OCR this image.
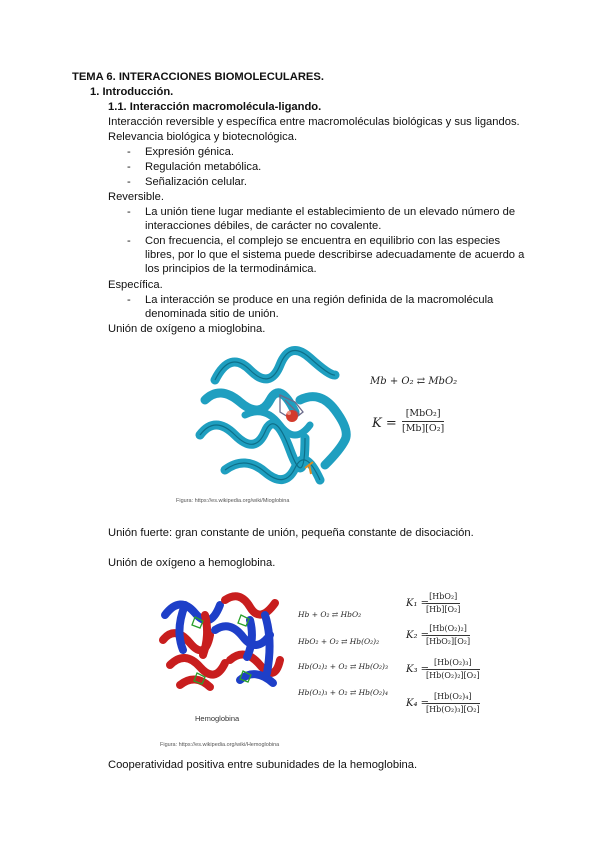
TEMA 6. INTERACCIONES BIOMOLECULARES.
1. Introducción.
1.1. Interacción macromolécula-ligando.
Interacción reversible y específica entre macromoléculas biológicas y sus ligandos.
Relevancia biológica y biotecnológica.
- Expresión génica.
- Regulación metabólica.
- Señalización celular.
Reversible.
- La unión tiene lugar mediante el establecimiento de un elevado número de
interacciones débiles, de carácter no covalente.
- Con frecuencia, el complejo se encuentra en equilibrio con las especies
libres, por lo que el sistema puede describirse adecuadamente de acuerdo a
los principios de la termodinámica.
Específica.
- La interacción se produce en una región definida de la macromolécula
denominada sitio de unión.
Unión de oxígeno a mioglobina.
Mb + O₂ ⇄ MbO₂
K =
[MbO₂]
[Mb][O₂]
Figura: https://es.wikipedia.org/wiki/Mioglobina
Unión fuerte: gran constante de unión, pequeña constante de disociación.
Unión de oxígeno a hemoglobina.
Hemoglobina
Hb + O₂ ⇄ HbO₂
HbO₂ + O₂ ⇄ Hb(O₂)₂
Hb(O₂)₂ + O₂ ⇄ Hb(O₂)₃
Hb(O₂)₃ + O₂ ⇄ Hb(O₂)₄
K₁ =
[HbO₂]
[Hb][O₂]
K₂ =
[Hb(O₂)₂]
[HbO₂][O₂]
K₃ =
$\frac{\text{[Hb(O₂)₃]}}{\text{[Hb(O₂)₂][O₂]}}$
K₄ =
$\frac{\text{[Hb(O₂)₄]}}{\text{[Hb(O₂)₃][O₂]}}$
Figura: https://es.wikipedia.org/wiki/Hemoglobina
Cooperatividad positiva entre subunidades de la hemoglobina.
